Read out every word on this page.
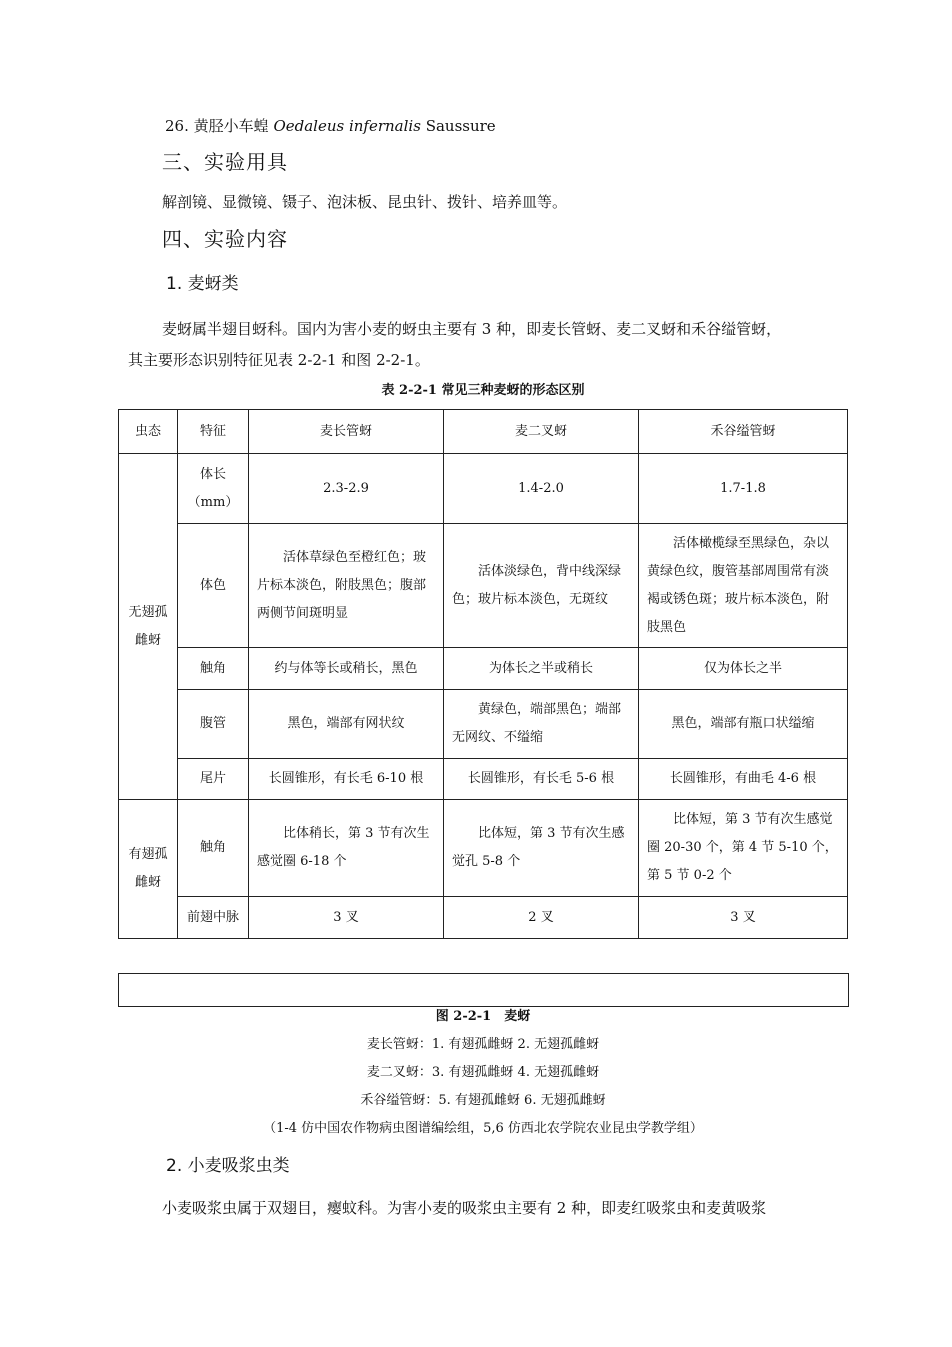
26. 黄胫小车蝗 Oedaleus infernalis Saussure
三、实验用具
解剖镜、显微镜、镊子、泡沫板、昆虫针、拨针、培养皿等。
四、实验内容
1. 麦蚜类
麦蚜属半翅目蚜科。国内为害小麦的蚜虫主要有 3 种，即麦长管蚜、麦二叉蚜和禾谷缢管蚜，
其主要形态识别特征见表 2-2-1 和图 2-2-1。
表 2-2-1 常见三种麦蚜的形态区别
虫态	特征	麦长管蚜	麦二叉蚜	禾谷缢管蚜
无翅孤雌蚜	体长（mm）	2.3-2.9	1.4-2.0	1.7-1.8
	体色	活体草绿色至橙红色；玻片标本淡色，附肢黑色；腹部两侧节间斑明显	活体淡绿色，背中线深绿色；玻片标本淡色，无斑纹	活体橄榄绿至黑绿色，杂以黄绿色纹，腹管基部周围常有淡褐或锈色斑；玻片标本淡色，附肢黑色
	触角	约与体等长或稍长，黑色	为体长之半或稍长	仅为体长之半
	腹管	黑色，端部有网状纹	黄绿色，端部黑色；端部无网纹、不缢缩	黑色，端部有瓶口状缢缩
	尾片	长圆锥形，有长毛 6-10 根	长圆锥形，有长毛 5-6 根	长圆锥形，有曲毛 4-6 根
有翅孤雌蚜	触角	比体稍长，第 3 节有次生感觉圈 6-18 个	比体短，第 3 节有次生感觉孔 5-8 个	比体短，第 3 节有次生感觉圈 20-30 个，第 4 节 5-10 个，第 5 节 0-2 个
	前翅中脉	3 叉	2 叉	3 叉
图 2-2-1　麦蚜
麦长管蚜：1. 有翅孤雌蚜 2. 无翅孤雌蚜
麦二叉蚜：3. 有翅孤雌蚜 4. 无翅孤雌蚜
禾谷缢管蚜：5. 有翅孤雌蚜 6. 无翅孤雌蚜
（1-4 仿中国农作物病虫图谱编绘组，5,6 仿西北农学院农业昆虫学教学组）
2. 小麦吸浆虫类
小麦吸浆虫属于双翅目，瘿蚊科。为害小麦的吸浆虫主要有 2 种，即麦红吸浆虫和麦黄吸浆
